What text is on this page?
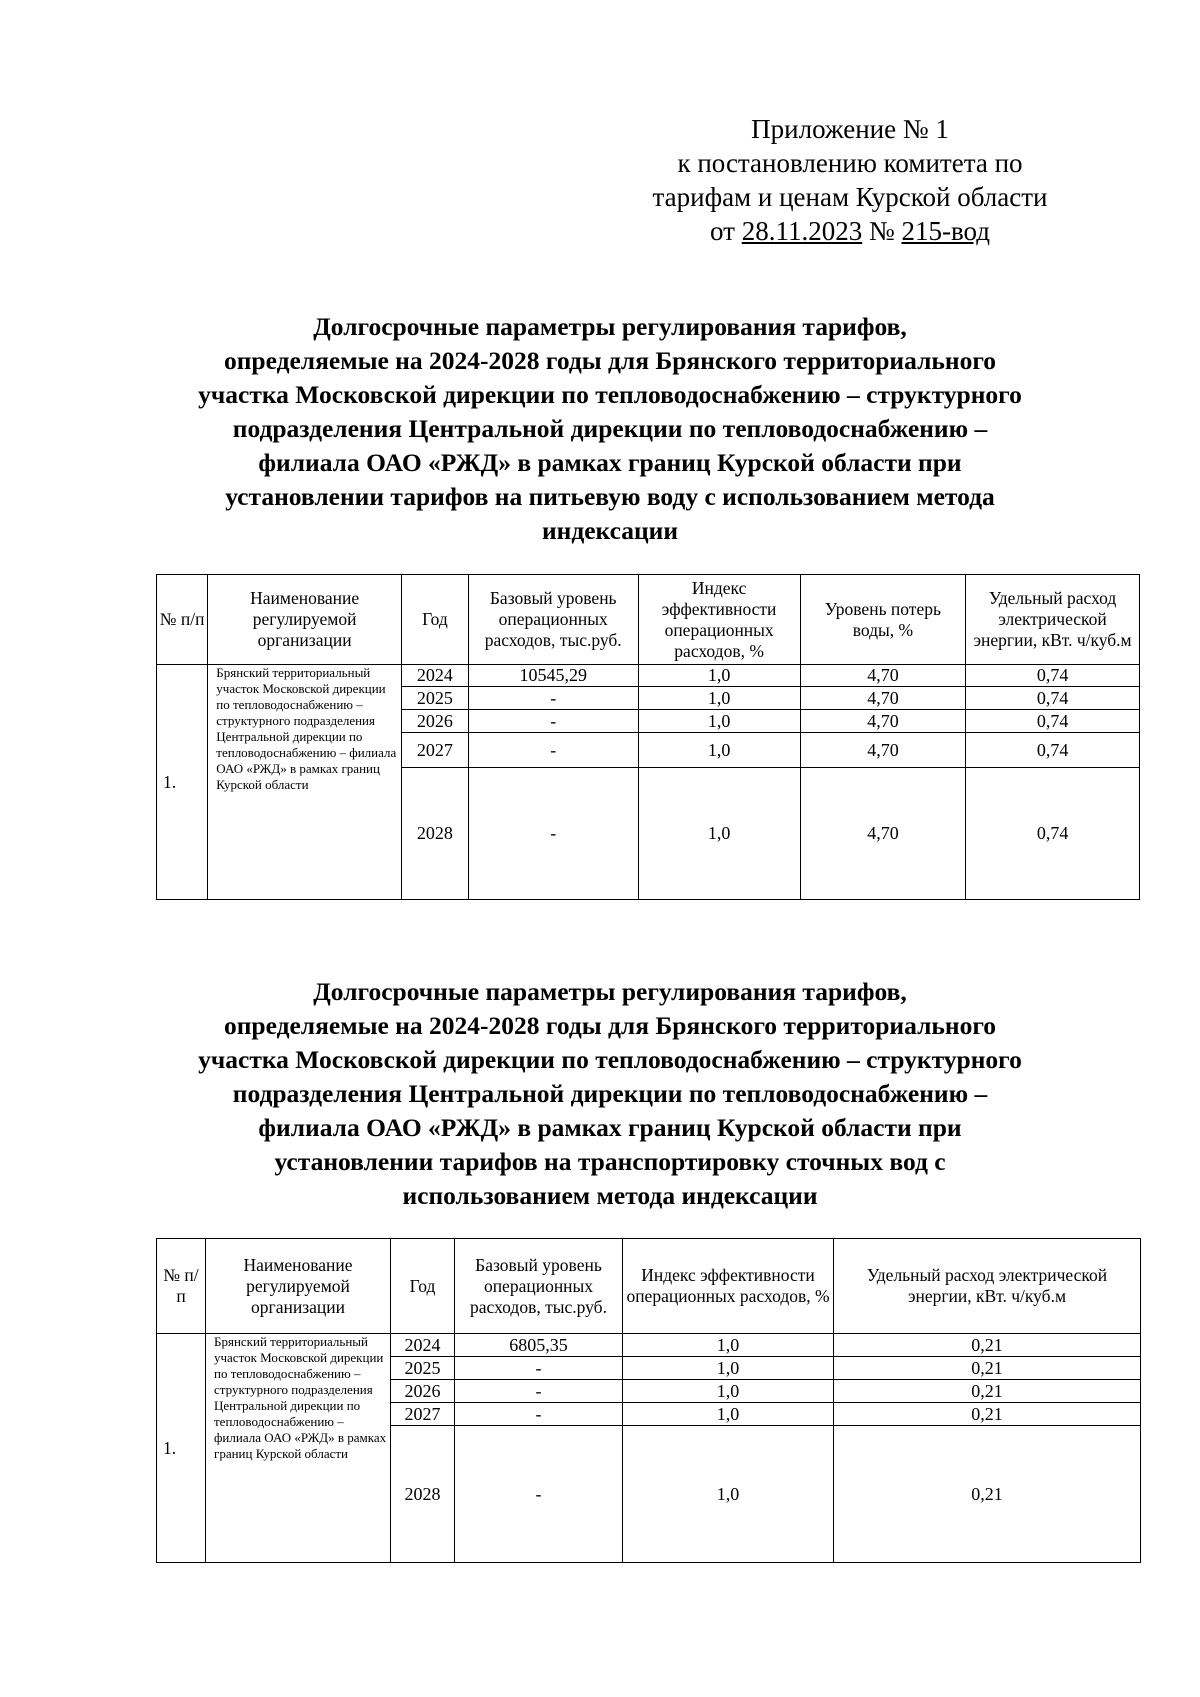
Приложение № 1
к постановлению комитета по
тарифам и ценам Курской области
от 28.11.2023 № 215-вод
Долгосрочные параметры регулирования тарифов,
определяемые на 2024-2028 годы для Брянского территориального
участка Московской дирекции по тепловодоснабжению – структурного
подразделения Центральной дирекции по тепловодоснабжению –
филиала ОАО «РЖД» в рамках границ Курской области при
установлении тарифов на питьевую воду с использованием метода
индексации
№ п/п	Наименование регулируемой организации	Год	Базовый уровень операционных расходов, тыс.руб.	Индекс эффективности операционных расходов, %	Уровень потерь воды, %	Удельный расход электрической энергии, кВт. ч/куб.м
1.	Брянский территориальный участок Московской дирекции по тепловодоснабжению – структурного подразделения Центральной дирекции по тепловодоснабжению – филиала ОАО «РЖД» в рамках границ Курской области	2024	10545,29	1,0	4,70	0,74
		2025	-	1,0	4,70	0,74
		2026	-	1,0	4,70	0,74
		2027	-	1,0	4,70	0,74
		2028	-	1,0	4,70	0,74
Долгосрочные параметры регулирования тарифов,
определяемые на 2024-2028 годы для Брянского территориального
участка Московской дирекции по тепловодоснабжению – структурного
подразделения Центральной дирекции по тепловодоснабжению –
филиала ОАО «РЖД» в рамках границ Курской области при
установлении тарифов на транспортировку сточных вод с
использованием метода индексации
№ п/п	Наименование регулируемой организации	Год	Базовый уровень операционных расходов, тыс.руб.	Индекс эффективности операционных расходов, %	Удельный расход электрической энергии, кВт. ч/куб.м
1.	Брянский территориальный участок Московской дирекции по тепловодоснабжению – структурного подразделения Центральной дирекции по тепловодоснабжению – филиала ОАО «РЖД» в рамках границ Курской области	2024	6805,35	1,0	0,21
		2025	-	1,0	0,21
		2026	-	1,0	0,21
		2027	-	1,0	0,21
		2028	-	1,0	0,21
